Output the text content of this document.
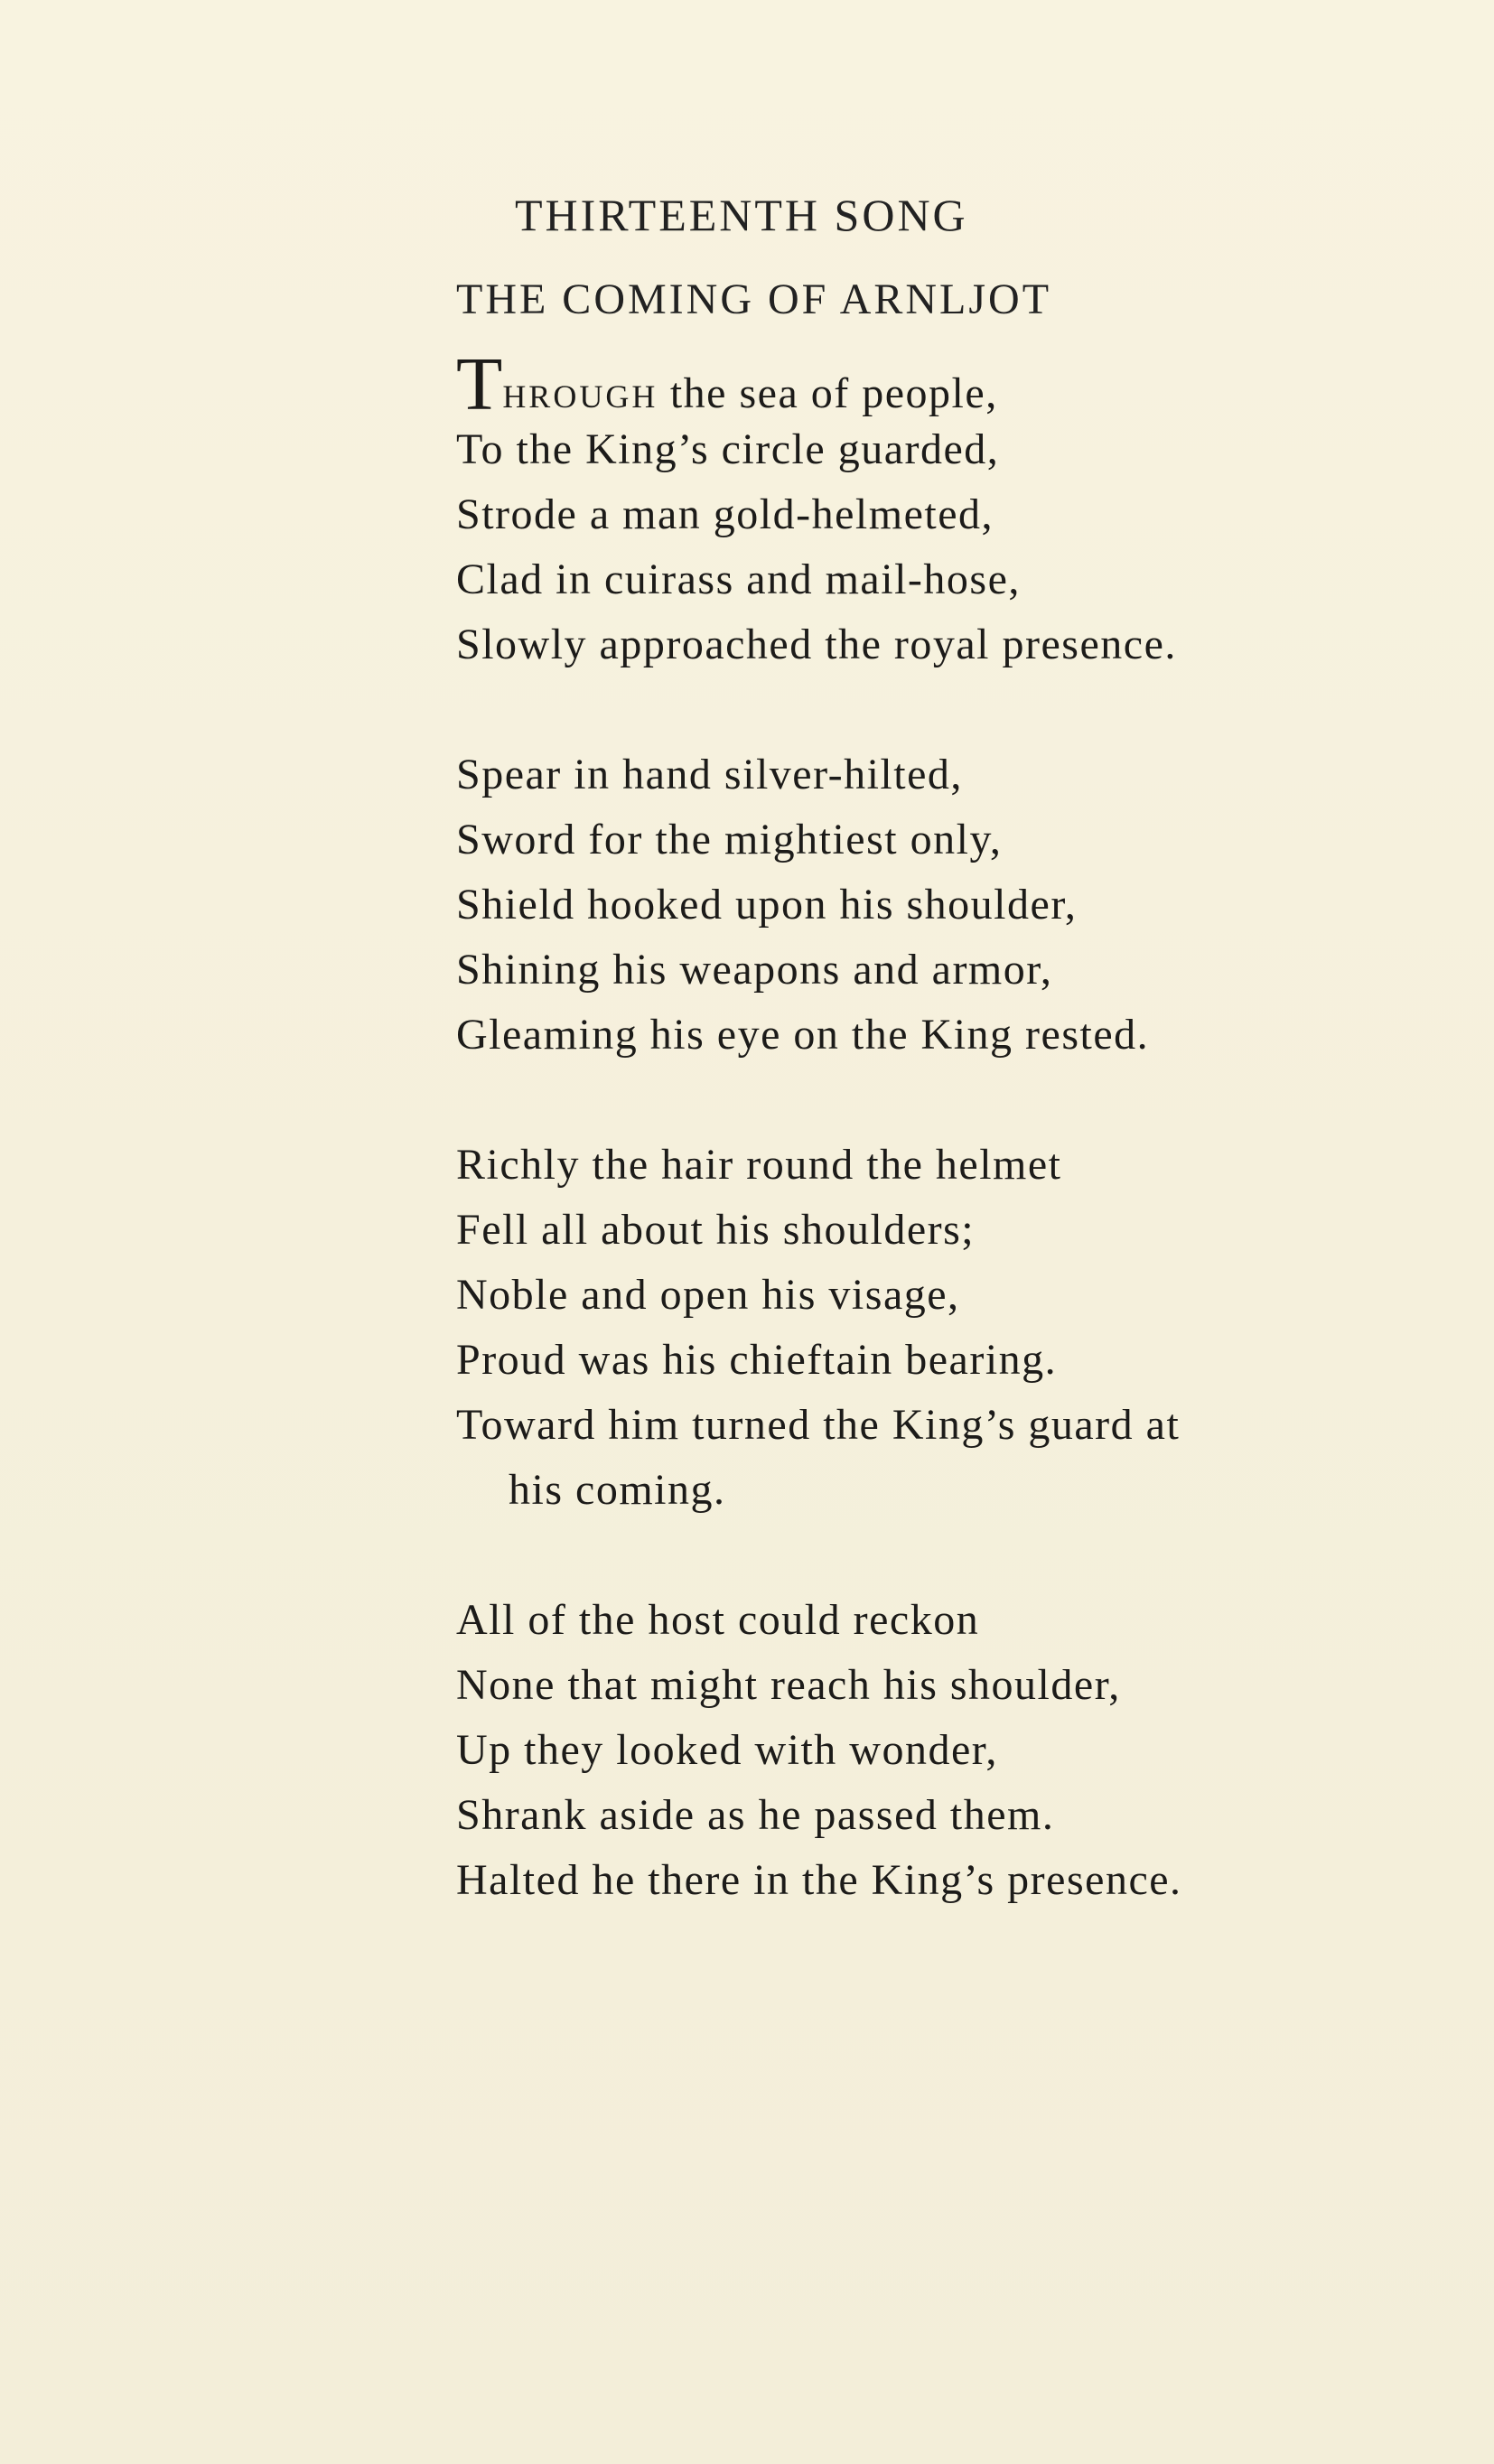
THIRTEENTH SONG
THE COMING OF ARNLJOT
THROUGH the sea of people,
To the King’s circle guarded,
Strode a man gold-helmeted,
Clad in cuirass and mail-hose,
Slowly approached the royal presence.
Spear in hand silver-hilted,
Sword for the mightiest only,
Shield hooked upon his shoulder,
Shining his weapons and armor,
Gleaming his eye on the King rested.
Richly the hair round the helmet
Fell all about his shoulders;
Noble and open his visage,
Proud was his chieftain bearing.
Toward him turned the King’s guard at
his coming.
All of the host could reckon
None that might reach his shoulder,
Up they looked with wonder,
Shrank aside as he passed them.
Halted he there in the King’s presence.
